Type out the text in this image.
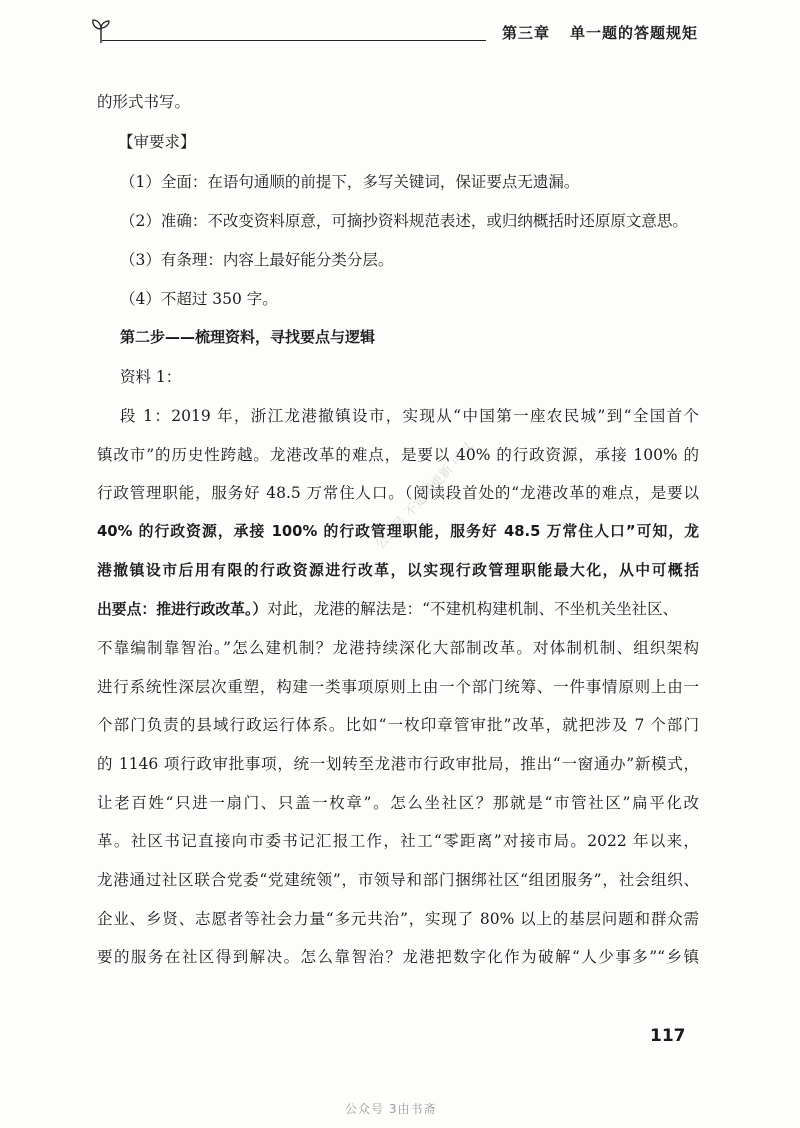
第三章 单一题的答题规矩
的形式书写。
【审要求】
（1）全面：在语句通顺的前提下，多写关键词，保证要点无遗漏。
（2）准确：不改变资料原意，可摘抄资料规范表述，或归纳概括时还原原文意思。
（3）有条理：内容上最好能分类分层。
（4）不超过 350 字。
第二步——梳理资料，寻找要点与逻辑
资料 1：
段 1：2019 年，浙江龙港撤镇设市，实现从“中国第一座农民城”到“全国首个
镇改市”的历史性跨越。龙港改革的难点，是要以 40% 的行政资源，承接 100% 的
行政管理职能，服务好 48.5 万常住人口。（阅读段首处的“龙港改革的难点，是要以
40% 的行政资源，承接 100% 的行政管理职能，服务好 48.5 万常住人口”可知，龙
港撤镇设市后用有限的行政资源进行改革，以实现行政管理职能最大化，从中可概括
出要点：推进行政改革。）对此，龙港的解法是：“不建机构建机制、不坐机关坐社区、
不靠编制靠智治。”怎么建机制？龙港持续深化大部制改革。对体制机制、组织架构
进行系统性深层次重塑，构建一类事项原则上由一个部门统筹、一件事情原则上由一
个部门负责的县域行政运行体系。比如“一枚印章管审批”改革，就把涉及 7 个部门
的 1146 项行政审批事项，统一划转至龙港市行政审批局，推出“一窗通办”新模式，
让老百姓“只进一扇门、只盖一枚章”。怎么坐社区？那就是“市管社区”扁平化改
革。社区书记直接向市委书记汇报工作，社工“零距离”对接市局。2022 年以来，
龙港通过社区联合党委“党建统领”，市领导和部门捆绑社区“组团服务”，社会组织、
企业、乡贤、志愿者等社会力量“多元共治”，实现了 80% 以上的基层问题和群众需
要的服务在社区得到解决。怎么靠智治？龙港把数字化作为破解“人少事多”“乡镇
公众号 不定期更新 可以
117
公众号 3由书斋
